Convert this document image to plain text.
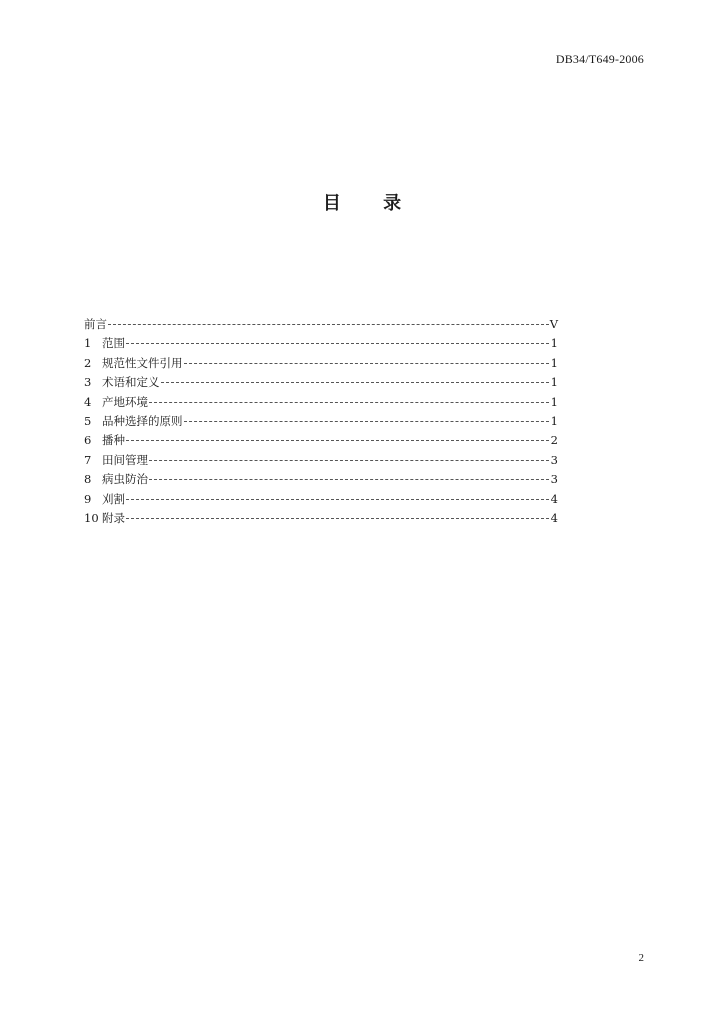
DB34/T649-2006
目 录
前言	V
1 范围	1
2 规范性文件引用	1
3 术语和定义	1
4 产地环境	1
5 品种选择的原则	1
6 播种	2
7 田间管理	3
8 病虫防治	3
9 刈割	4
10 附录	4
2
